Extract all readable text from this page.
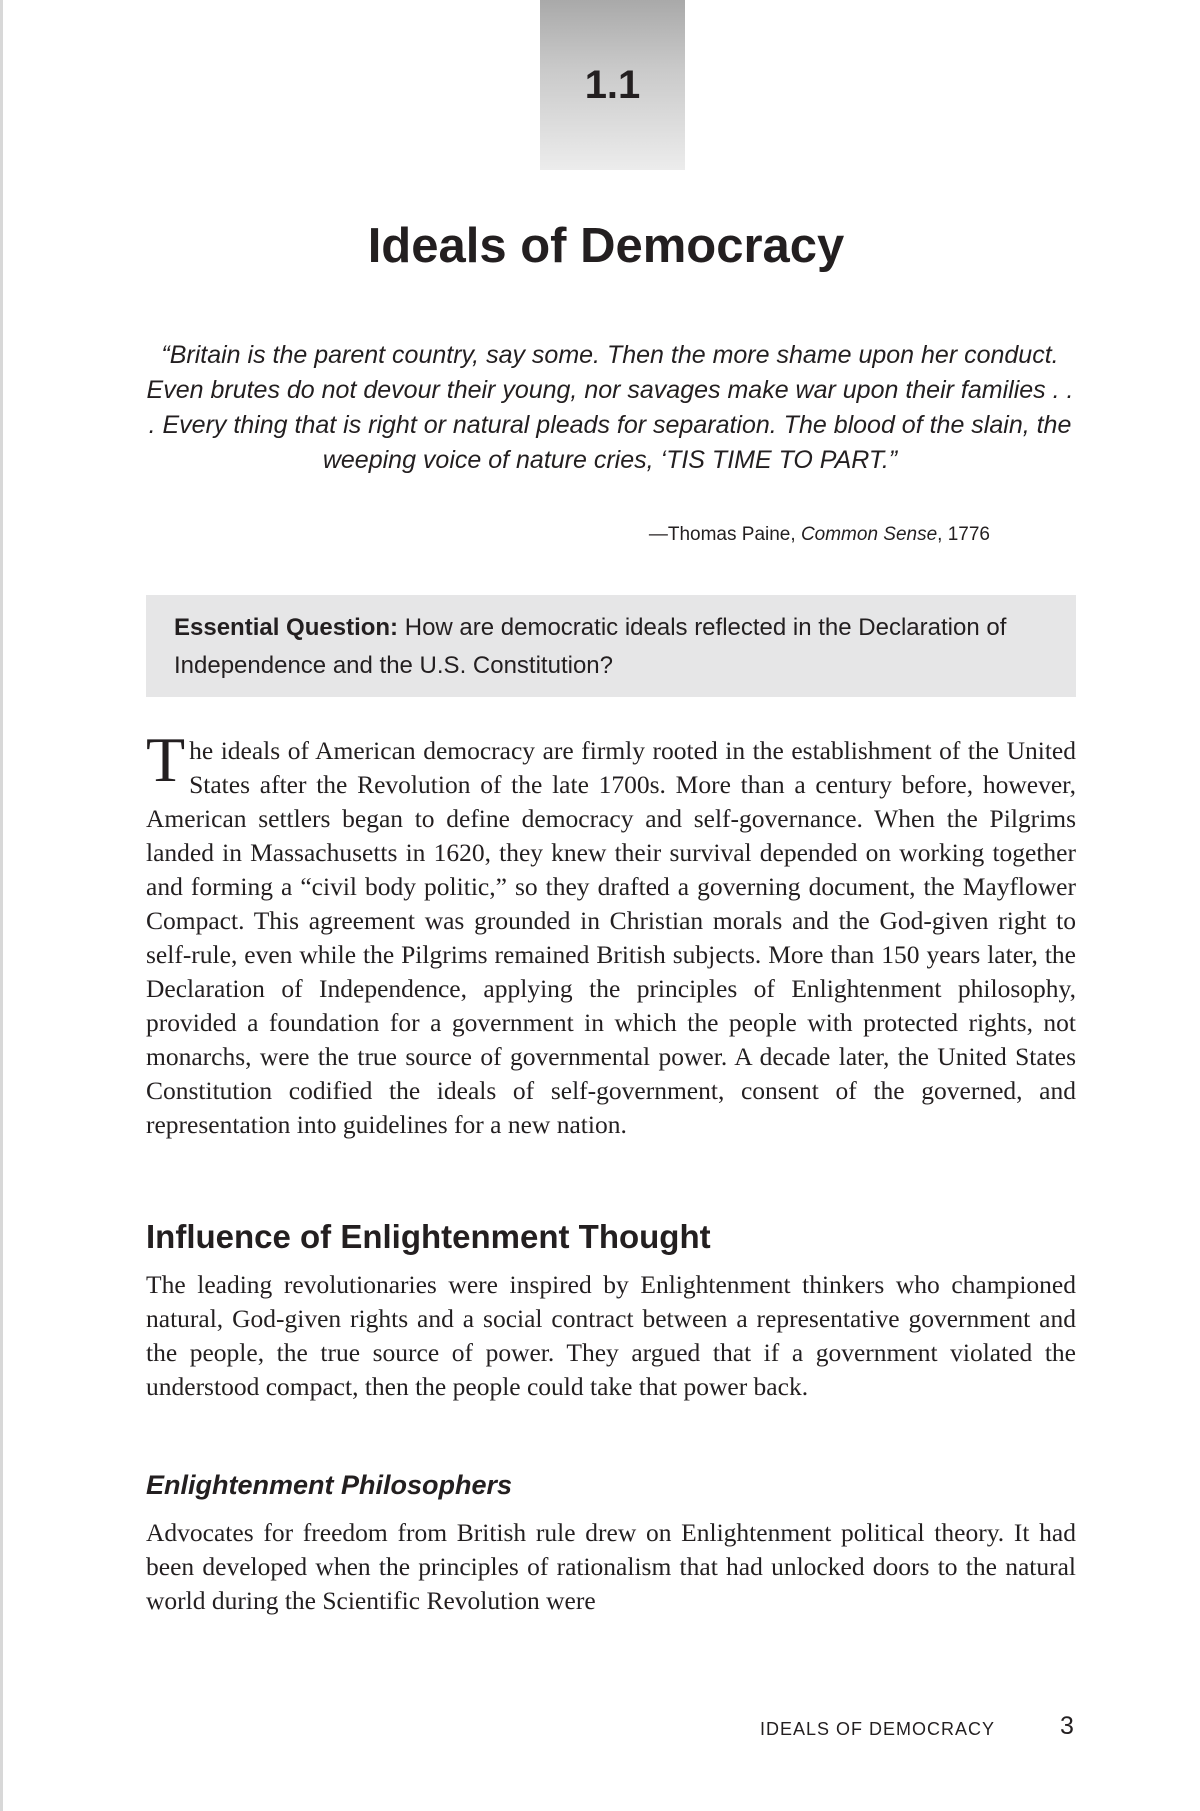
1.1
Ideals of Democracy

“Britain is the parent country, say some. Then the more shame upon her conduct. Even brutes do not devour their young, nor savages make war upon their families . . . Every thing that is right or natural pleads for separation. The blood of the slain, the weeping voice of nature cries, ‘TIS TIME TO PART.”

—Thomas Paine, Common Sense, 1776
Essential Question: How are democratic ideals reflected in the Declaration of Independence and the U.S. Constitution?

The ideals of American democracy are firmly rooted in the establishment of the United States after the Revolution of the late 1700s. More than a century before, however, American settlers began to define democracy and self-governance. When the Pilgrims landed in Massachusetts in 1620, they knew their survival depended on working together and forming a “civil body politic,” so they drafted a governing document, the Mayflower Compact. This agreement was grounded in Christian morals and the God-given right to self-rule, even while the Pilgrims remained British subjects. More than 150 years later, the Declaration of Independence, applying the principles of Enlightenment philosophy, provided a foundation for a government in which the people with protected rights, not monarchs, were the true source of governmental power. A decade later, the United States Constitution codified the ideals of self-government, consent of the governed, and representation into guidelines for a new nation.

Influence of Enlightenment Thought

The leading revolutionaries were inspired by Enlightenment thinkers who championed natural, God-given rights and a social contract between a representative government and the people, the true source of power. They argued that if a government violated the understood compact, then the people could take that power back.

Enlightenment Philosophers

Advocates for freedom from British rule drew on Enlightenment political theory. It had been developed when the principles of rationalism that had unlocked doors to the natural world during the Scientific Revolution were

IDEALS OF DEMOCRACY	3
